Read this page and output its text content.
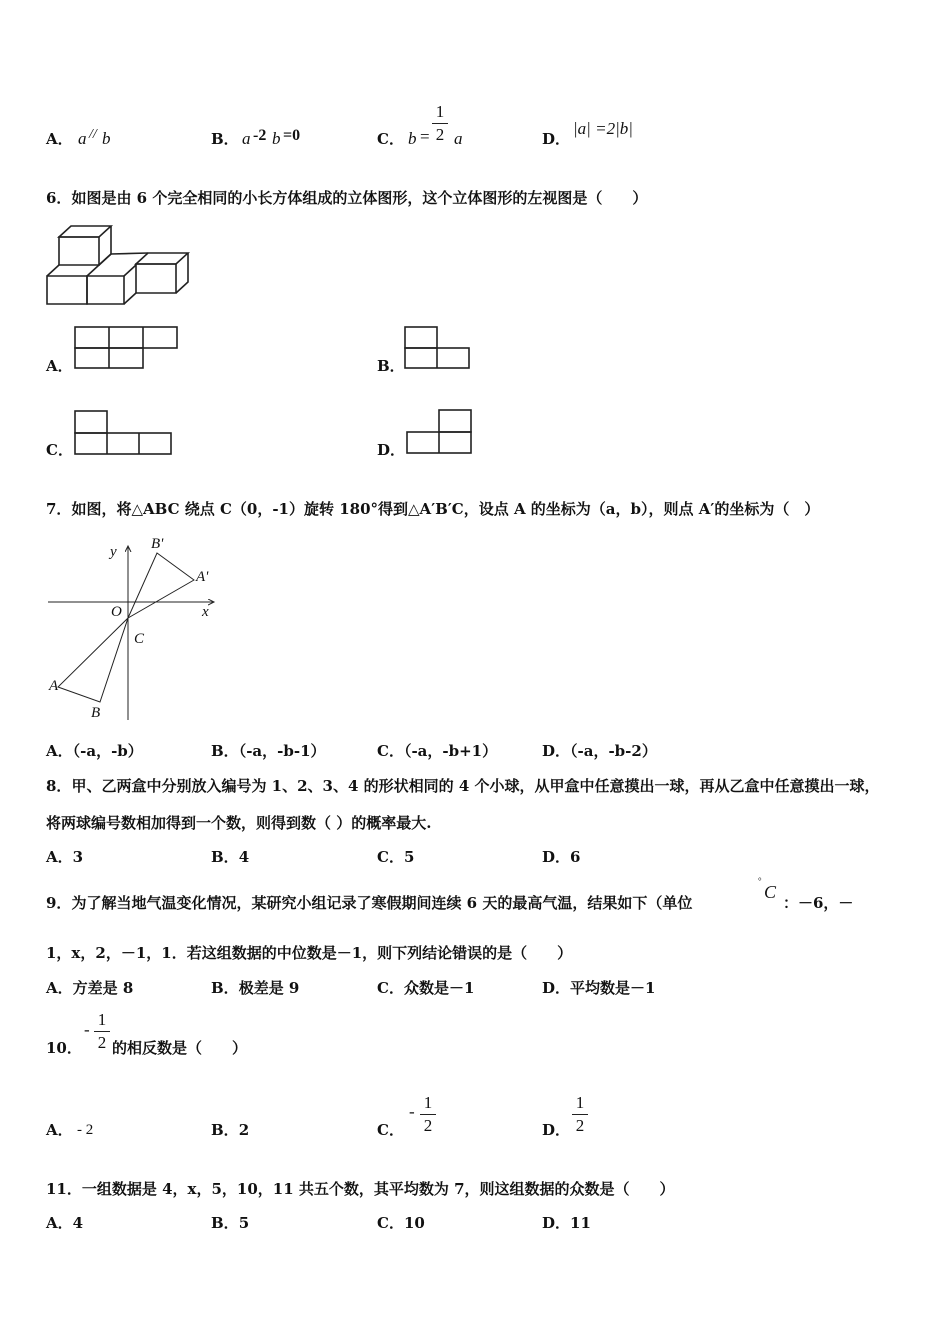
A． a // b	B． a -2 b =0	C． b =
1
2 a	D．
|a| =2|b|
6．如图是由 6 个完全相同的小长方体组成的立体图形，这个立体图形的左视图是（　　）
A．	B．
C．	D．
7．如图，将△ABC 绕点 C（0，-1）旋转 180°得到△A′B′C，设点 A 的坐标为（a，b），则点 A′的坐标为（　）
y
x
O
C
A
B
A'
B'
A．（-a，-b）	B．（-a，-b-1）	C．（-a，-b+1）	D．（-a，-b-2）
8．甲、乙两盒中分别放入编号为 1、2、3、4 的形状相同的 4 个小球，从甲盒中任意摸出一球，再从乙盒中任意摸出一球，
将两球编号数相加得到一个数，则得到数（ ）的概率最大.
A．3	B．4	C．5	D．6
9．为了解当地气温变化情况，某研究小组记录了寒假期间连续 6 天的最高气温，结果如下（单位
°
C
：－6，－
1，x，2，－1，1．若这组数据的中位数是－1，则下列结论错误的是（　　）
A．方差是 8	B．极差是 9	C．众数是－1	D．平均数是－1
10．
-
1
2 的相反数是（　　）
A． - 2	B．2	C．
- 1
2	D．
1
2
11．一组数据是 4，x，5，10，11 共五个数，其平均数为 7，则这组数据的众数是（　　）
A．4	B．5	C．10	D．11
